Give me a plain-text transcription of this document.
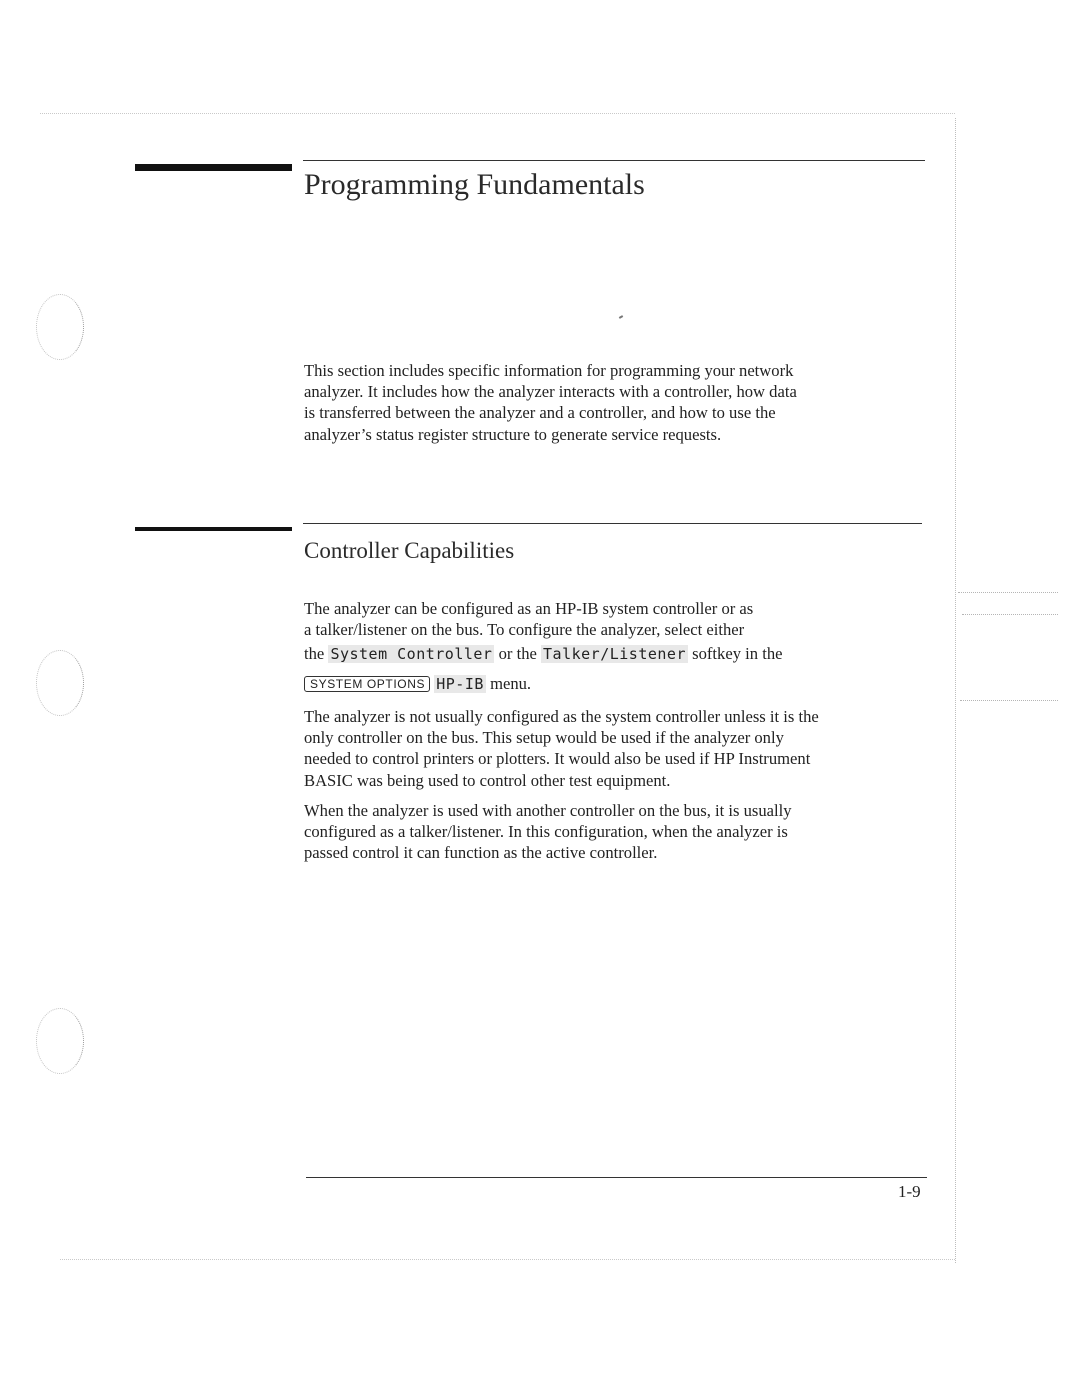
Programming Fundamentals

This section includes specific information for programming your network
analyzer. It includes how the analyzer interacts with a controller, how data
is transferred between the analyzer and a controller, and how to use the
analyzer’s status register structure to generate service requests.

Controller Capabilities

The analyzer can be configured as an HP-IB system controller or as
a talker/listener on the bus. To configure the analyzer, select either
the System Controller or the Talker/Listener softkey in the
SYSTEM OPTIONS HP-IB menu.

The analyzer is not usually configured as the system controller unless it is the
only controller on the bus. This setup would be used if the analyzer only
needed to control printers or plotters. It would also be used if HP Instrument
BASIC was being used to control other test equipment.

When the analyzer is used with another controller on the bus, it is usually
configured as a talker/listener. In this configuration, when the analyzer is
passed control it can function as the active controller.

1-9
